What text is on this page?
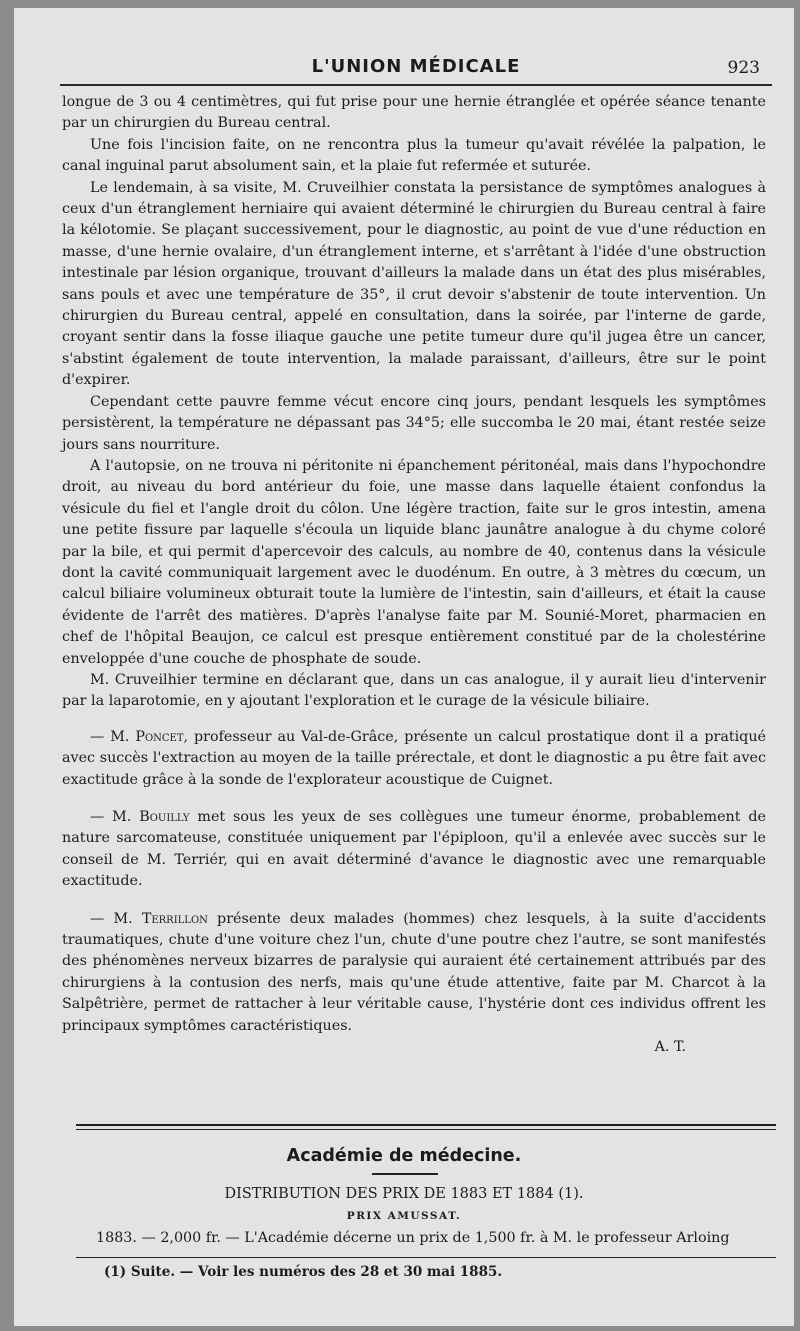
L'UNION MÉDICALE	923

longue de 3 ou 4 centimètres, qui fut prise pour une hernie étranglée et opérée séance tenante par un chirurgien du Bureau central.

Une fois l'incision faite, on ne rencontra plus la tumeur qu'avait révélée la palpation, le canal inguinal parut absolument sain, et la plaie fut refermée et suturée.

Le lendemain, à sa visite, M. Cruveilhier constata la persistance de symptômes analogues à ceux d'un étranglement herniaire qui avaient déterminé le chirurgien du Bureau central à faire la kélotomie. Se plaçant successivement, pour le diagnostic, au point de vue d'une réduction en masse, d'une hernie ovalaire, d'un étranglement interne, et s'arrêtant à l'idée d'une obstruction intestinale par lésion organique, trouvant d'ailleurs la malade dans un état des plus misérables, sans pouls et avec une température de 35°, il crut devoir s'abstenir de toute intervention. Un chirurgien du Bureau central, appelé en consultation, dans la soirée, par l'interne de garde, croyant sentir dans la fosse iliaque gauche une petite tumeur dure qu'il jugea être un cancer, s'abstint également de toute intervention, la malade paraissant, d'ailleurs, être sur le point d'expirer.

Cependant cette pauvre femme vécut encore cinq jours, pendant lesquels les symptômes persistèrent, la température ne dépassant pas 34°5; elle succomba le 20 mai, étant restée seize jours sans nourriture.

A l'autopsie, on ne trouva ni péritonite ni épanchement péritonéal, mais dans l'hypochondre droit, au niveau du bord antérieur du foie, une masse dans laquelle étaient confondus la vésicule du fiel et l'angle droit du côlon. Une légère traction, faite sur le gros intestin, amena une petite fissure par laquelle s'écoula un liquide blanc jaunâtre analogue à du chyme coloré par la bile, et qui permit d'apercevoir des calculs, au nombre de 40, contenus dans la vésicule dont la cavité communiquait largement avec le duodénum. En outre, à 3 mètres du cœcum, un calcul biliaire volumineux obturait toute la lumière de l'intestin, sain d'ailleurs, et était la cause évidente de l'arrêt des matières. D'après l'analyse faite par M. Sounié-Moret, pharmacien en chef de l'hôpital Beaujon, ce calcul est presque entièrement constitué par de la cholestérine enveloppée d'une couche de phosphate de soude.

M. Cruveilhier termine en déclarant que, dans un cas analogue, il y aurait lieu d'intervenir par la laparotomie, en y ajoutant l'exploration et le curage de la vésicule biliaire.

— M. Poncet, professeur au Val-de-Grâce, présente un calcul prostatique dont il a pratiqué avec succès l'extraction au moyen de la taille prérectale, et dont le diagnostic a pu être fait avec exactitude grâce à la sonde de l'explorateur acoustique de Cuignet.

— M. Bouilly met sous les yeux de ses collègues une tumeur énorme, probablement de nature sarcomateuse, constituée uniquement par l'épiploon, qu'il a enlevée avec succès sur le conseil de M. Terriér, qui en avait déterminé d'avance le diagnostic avec une remarquable exactitude.

— M. Terrillon présente deux malades (hommes) chez lesquels, à la suite d'accidents traumatiques, chute d'une voiture chez l'un, chute d'une poutre chez l'autre, se sont manifestés des phénomènes nerveux bizarres de paralysie qui auraient été certainement attribués par des chirurgiens à la contusion des nerfs, mais qu'une étude attentive, faite par M. Charcot à la Salpêtrière, permet de rattacher à leur véritable cause, l'hystérie dont ces individus offrent les principaux symptômes caractéristiques.

A. T.

Académie de médecine.
DISTRIBUTION DES PRIX DE 1883 ET 1884 (1).
PRIX AMUSSAT.
1883. — 2,000 fr. — L'Académie décerne un prix de 1,500 fr. à M. le professeur Arloing
(1) Suite. — Voir les numéros des 28 et 30 mai 1885.
